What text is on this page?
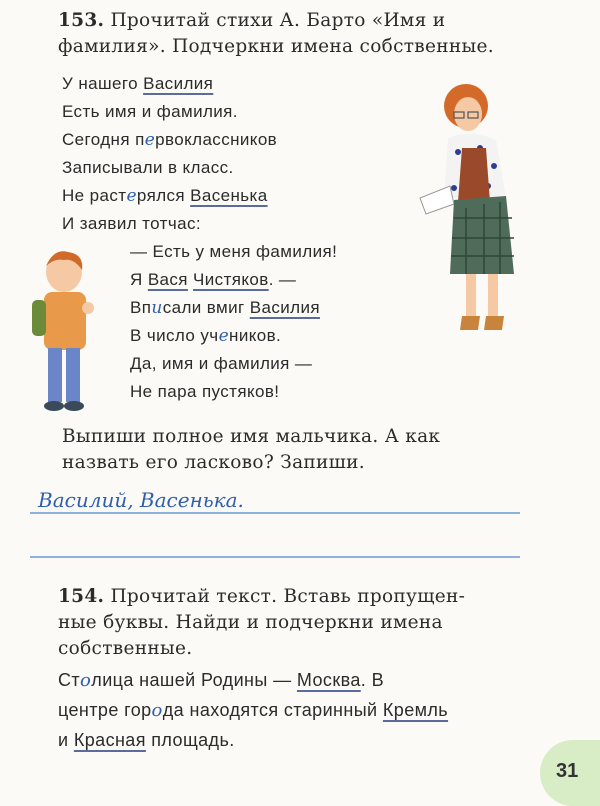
153. Прочитай стихи А. Барто «Имя и
фамилия». Подчеркни имена собственные.
У нашего Василия
Есть имя и фамилия.
Сегодня первоклассников
Записывали в класс.
Не растерялся Васенька
И заявил тотчас:
— Есть у меня фамилия!
Я Вася Чистяков. —
Вписали вмиг Василия
В число учеников.
Да, имя и фамилия —
Не пара пустяков!
Выпиши полное имя мальчика. А как
назвать его ласково? Запиши.
Василий, Васенька.
154. Прочитай текст. Вставь пропущен-
ные буквы. Найди и подчеркни имена
собственные.
Столица нашей Родины — Москва. В
центре города находятся старинный Кремль
и Красная площадь.
31
